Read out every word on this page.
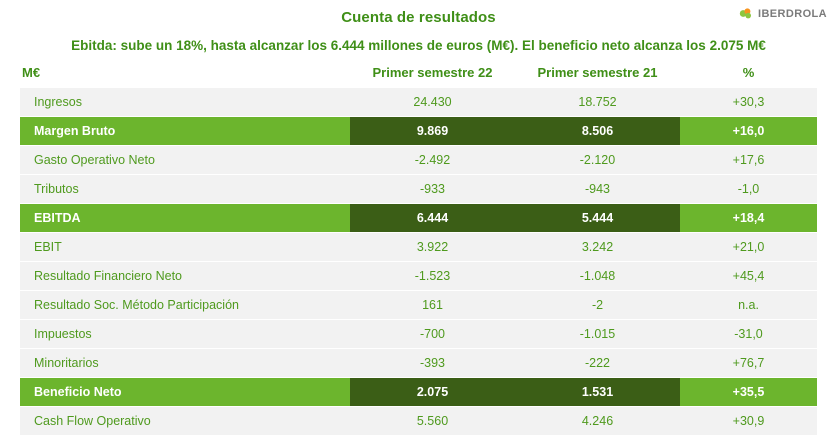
Cuenta de resultados	IBERDROLA
Ebitda: sube un 18%, hasta alcanzar los 6.444 millones de euros (M€). El beneficio neto alcanza los 2.075 M€
M€	Primer semestre 22	Primer semestre 21	%
Ingresos	24.430	18.752	+30,3
Margen Bruto	9.869	8.506	+16,0
Gasto Operativo Neto	-2.492	-2.120	+17,6
Tributos	-933	-943	-1,0
EBITDA	6.444	5.444	+18,4
EBIT	3.922	3.242	+21,0
Resultado Financiero Neto	-1.523	-1.048	+45,4
Resultado Soc. Método Participación	161	-2	n.a.
Impuestos	-700	-1.015	-31,0
Minoritarios	-393	-222	+76,7
Beneficio Neto	2.075	1.531	+35,5
Cash Flow Operativo	5.560	4.246	+30,9
